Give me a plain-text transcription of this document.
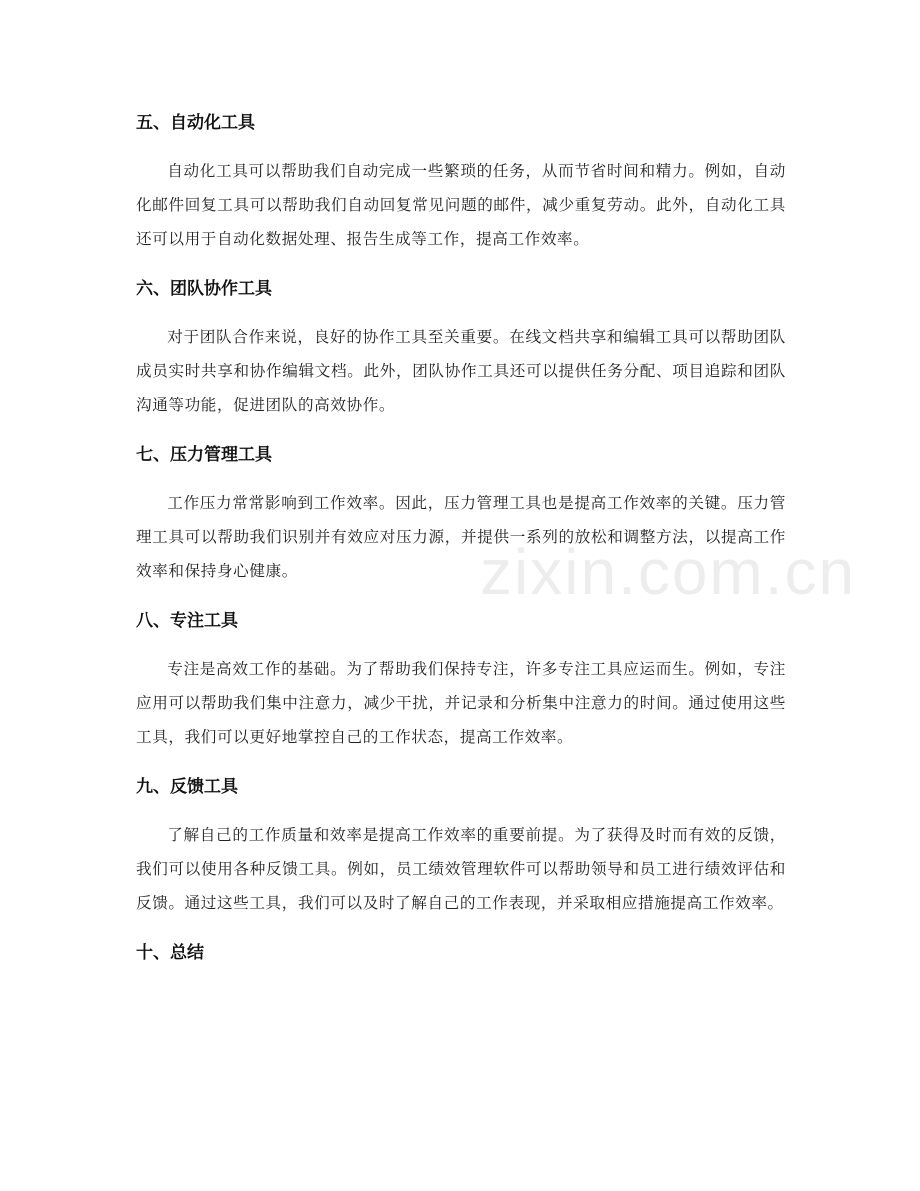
zixin.com.cn
五、自动化工具

自动化工具可以帮助我们自动完成一些繁琐的任务，从而节省时间和精力。例如，自动化邮件回复工具可以帮助我们自动回复常见问题的邮件，减少重复劳动。此外，自动化工具还可以用于自动化数据处理、报告生成等工作，提高工作效率。

六、团队协作工具

对于团队合作来说，良好的协作工具至关重要。在线文档共享和编辑工具可以帮助团队成员实时共享和协作编辑文档。此外，团队协作工具还可以提供任务分配、项目追踪和团队沟通等功能，促进团队的高效协作。

七、压力管理工具

工作压力常常影响到工作效率。因此，压力管理工具也是提高工作效率的关键。压力管理工具可以帮助我们识别并有效应对压力源，并提供一系列的放松和调整方法，以提高工作效率和保持身心健康。

八、专注工具

专注是高效工作的基础。为了帮助我们保持专注，许多专注工具应运而生。例如，专注应用可以帮助我们集中注意力，减少干扰，并记录和分析集中注意力的时间。通过使用这些工具，我们可以更好地掌控自己的工作状态，提高工作效率。

九、反馈工具

了解自己的工作质量和效率是提高工作效率的重要前提。为了获得及时而有效的反馈，我们可以使用各种反馈工具。例如，员工绩效管理软件可以帮助领导和员工进行绩效评估和反馈。通过这些工具，我们可以及时了解自己的工作表现，并采取相应措施提高工作效率。

十、总结
